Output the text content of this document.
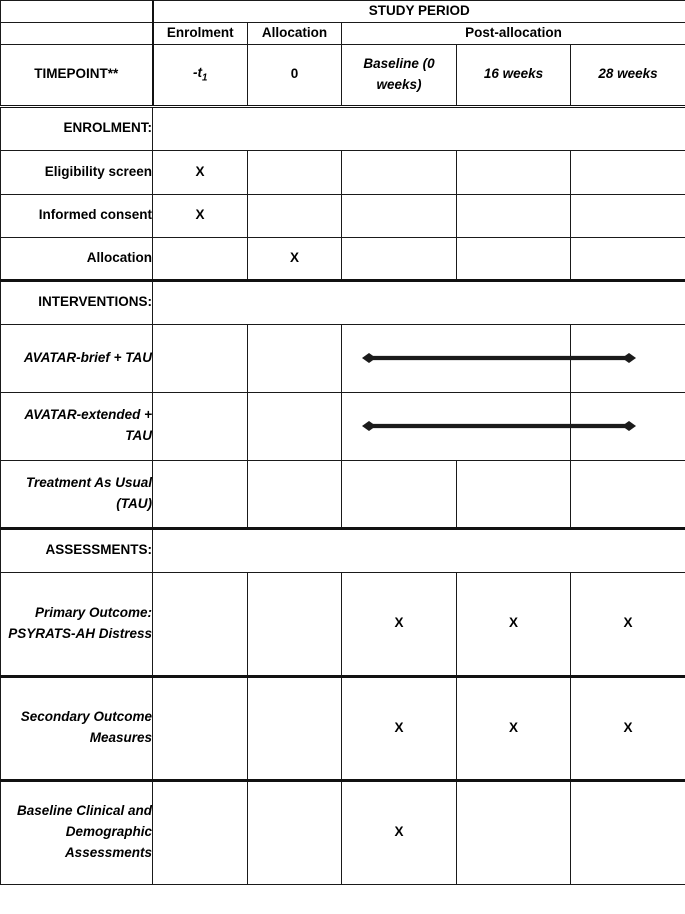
	STUDY PERIOD				
	Enrolment	Allocation	Post-allocation		
TIMEPOINT**	$-t_1$	0	Baseline (0 weeks)	16 weeks	28 weeks
ENROLMENT:					
Eligibility screen	X				
Informed consent	X				
Allocation		X			
INTERVENTIONS:					
AVATAR-brief + TAU			

AVATAR-extended + TAU			

Treatment As Usual (TAU)					
ASSESSMENTS:					
Primary Outcome: PSYRATS-AH Distress			X	X	X
Secondary Outcome Measures			X	X	X
Baseline Clinical and Demographic Assessments			X		
